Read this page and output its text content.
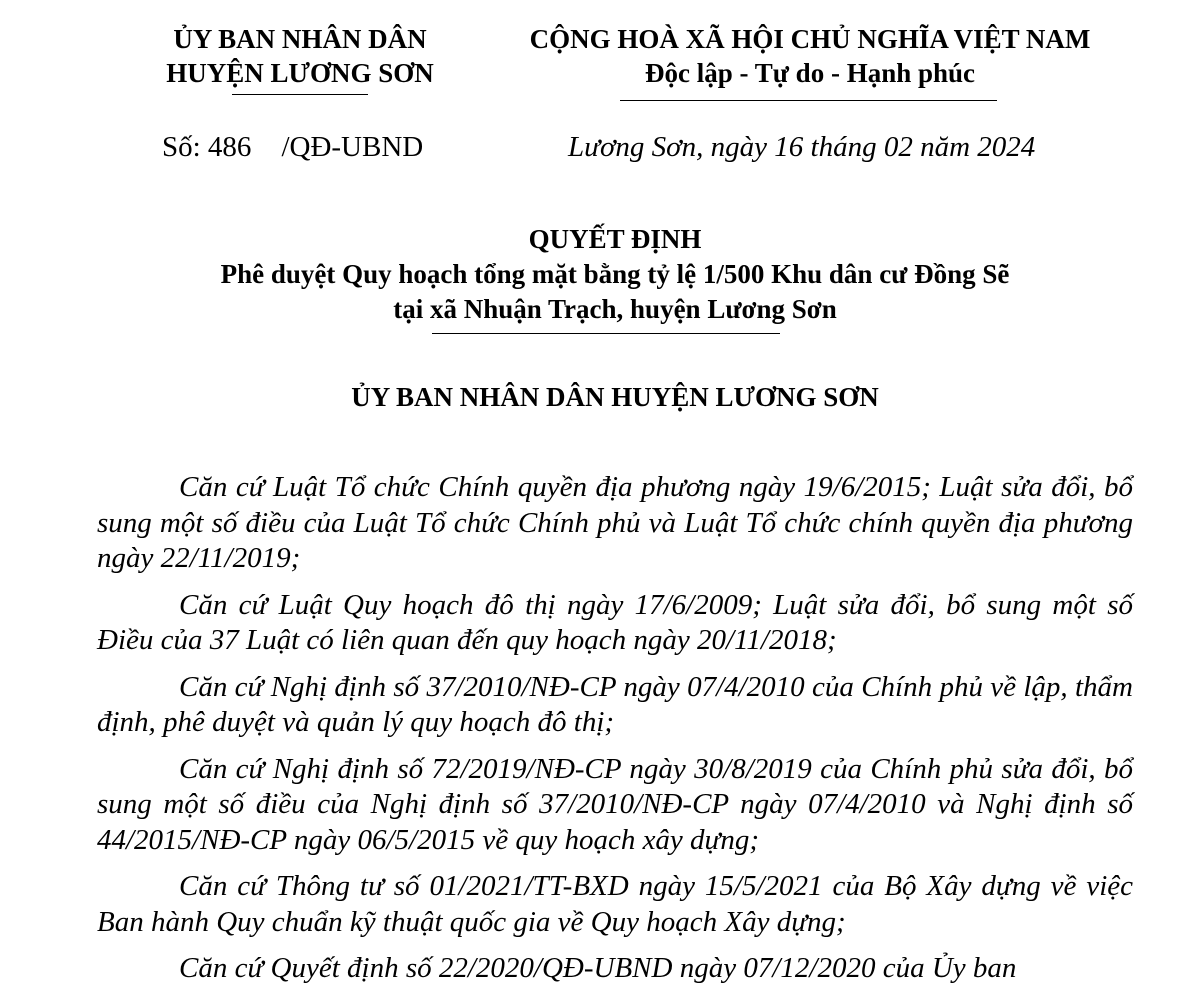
ỦY BAN NHÂN DÂN
HUYỆN LƯƠNG SƠN
CỘNG HOÀ XÃ HỘI CHỦ NGHĨA VIỆT NAM
Độc lập - Tự do - Hạnh phúc
Số: 486 /QĐ-UBND	Lương Sơn, ngày 16 tháng 02 năm 2024
QUYẾT ĐỊNH
Phê duyệt Quy hoạch tổng mặt bằng tỷ lệ 1/500 Khu dân cư Đồng Sẽ
tại xã Nhuận Trạch, huyện Lương Sơn
ỦY BAN NHÂN DÂN HUYỆN LƯƠNG SƠN

Căn cứ Luật Tổ chức Chính quyền địa phương ngày 19/6/2015; Luật sửa đổi, bổ sung một số điều của Luật Tổ chức Chính phủ và Luật Tổ chức chính quyền địa phương ngày 22/11/2019;

Căn cứ Luật Quy hoạch đô thị ngày 17/6/2009; Luật sửa đổi, bổ sung một số Điều của 37 Luật có liên quan đến quy hoạch ngày 20/11/2018;

Căn cứ Nghị định số 37/2010/NĐ-CP ngày 07/4/2010 của Chính phủ về lập, thẩm định, phê duyệt và quản lý quy hoạch đô thị;

Căn cứ Nghị định số 72/2019/NĐ-CP ngày 30/8/2019 của Chính phủ sửa đổi, bổ sung một số điều của Nghị định số 37/2010/NĐ-CP ngày 07/4/2010 và Nghị định số 44/2015/NĐ-CP ngày 06/5/2015 về quy hoạch xây dựng;

Căn cứ Thông tư số 01/2021/TT-BXD ngày 15/5/2021 của Bộ Xây dựng về việc Ban hành Quy chuẩn kỹ thuật quốc gia về Quy hoạch Xây dựng;

Căn cứ Quyết định số 22/2020/QĐ-UBND ngày 07/12/2020 của Ủy ban
